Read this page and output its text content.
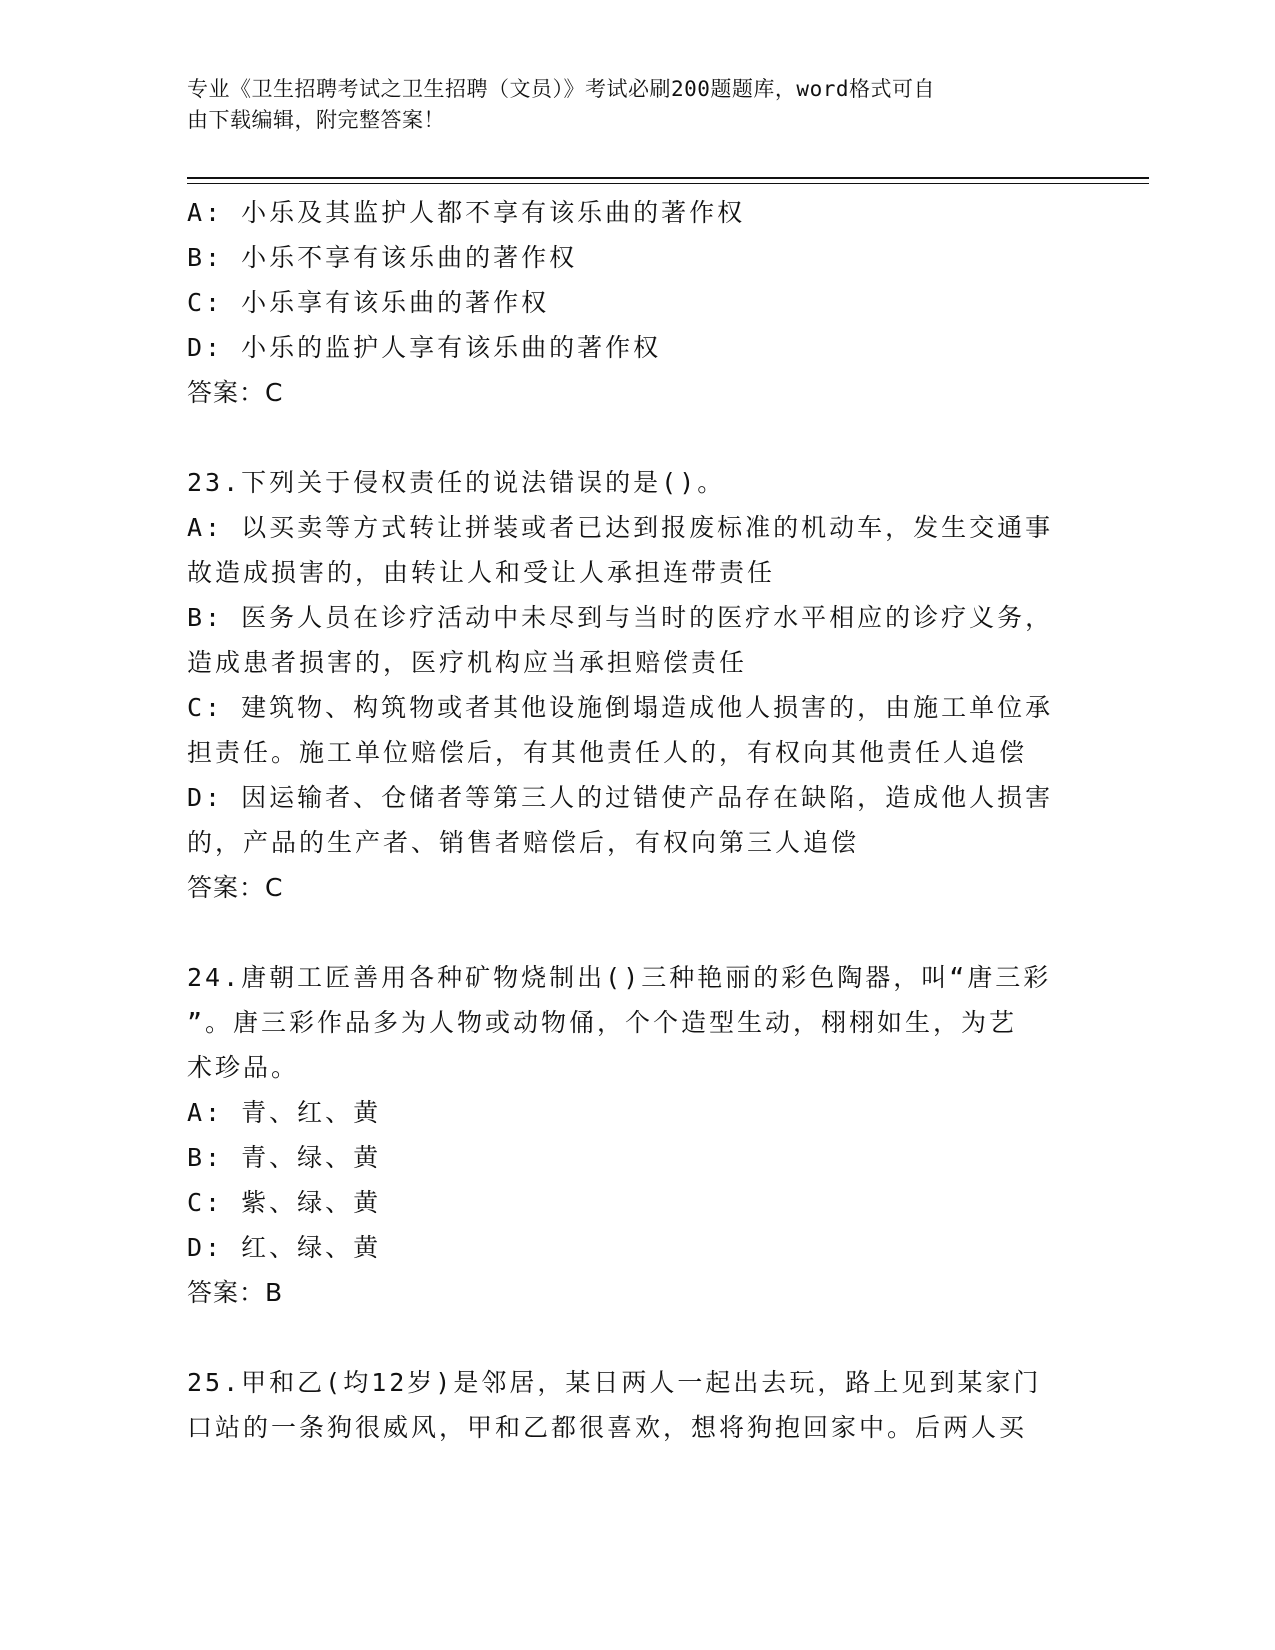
专业《卫生招聘考试之卫生招聘（文员）》考试必刷200题题库，word格式可自
由下载编辑，附完整答案！
A: 小乐及其监护人都不享有该乐曲的著作权
B: 小乐不享有该乐曲的著作权
C: 小乐享有该乐曲的著作权
D: 小乐的监护人享有该乐曲的著作权
答案：C
23.下列关于侵权责任的说法错误的是()。
A: 以买卖等方式转让拼装或者已达到报废标准的机动车，发生交通事
故造成损害的，由转让人和受让人承担连带责任
B: 医务人员在诊疗活动中未尽到与当时的医疗水平相应的诊疗义务，
造成患者损害的，医疗机构应当承担赔偿责任
C: 建筑物、构筑物或者其他设施倒塌造成他人损害的，由施工单位承
担责任。施工单位赔偿后，有其他责任人的，有权向其他责任人追偿
D: 因运输者、仓储者等第三人的过错使产品存在缺陷，造成他人损害
的，产品的生产者、销售者赔偿后，有权向第三人追偿
答案：C
24.唐朝工匠善用各种矿物烧制出()三种艳丽的彩色陶器，叫“唐三彩
”。唐三彩作品多为人物或动物俑，个个造型生动，栩栩如生，为艺
术珍品。
A: 青、红、黄
B: 青、绿、黄
C: 紫、绿、黄
D: 红、绿、黄
答案：B
25.甲和乙(均12岁)是邻居，某日两人一起出去玩，路上见到某家门
口站的一条狗很威风，甲和乙都很喜欢，想将狗抱回家中。后两人买
